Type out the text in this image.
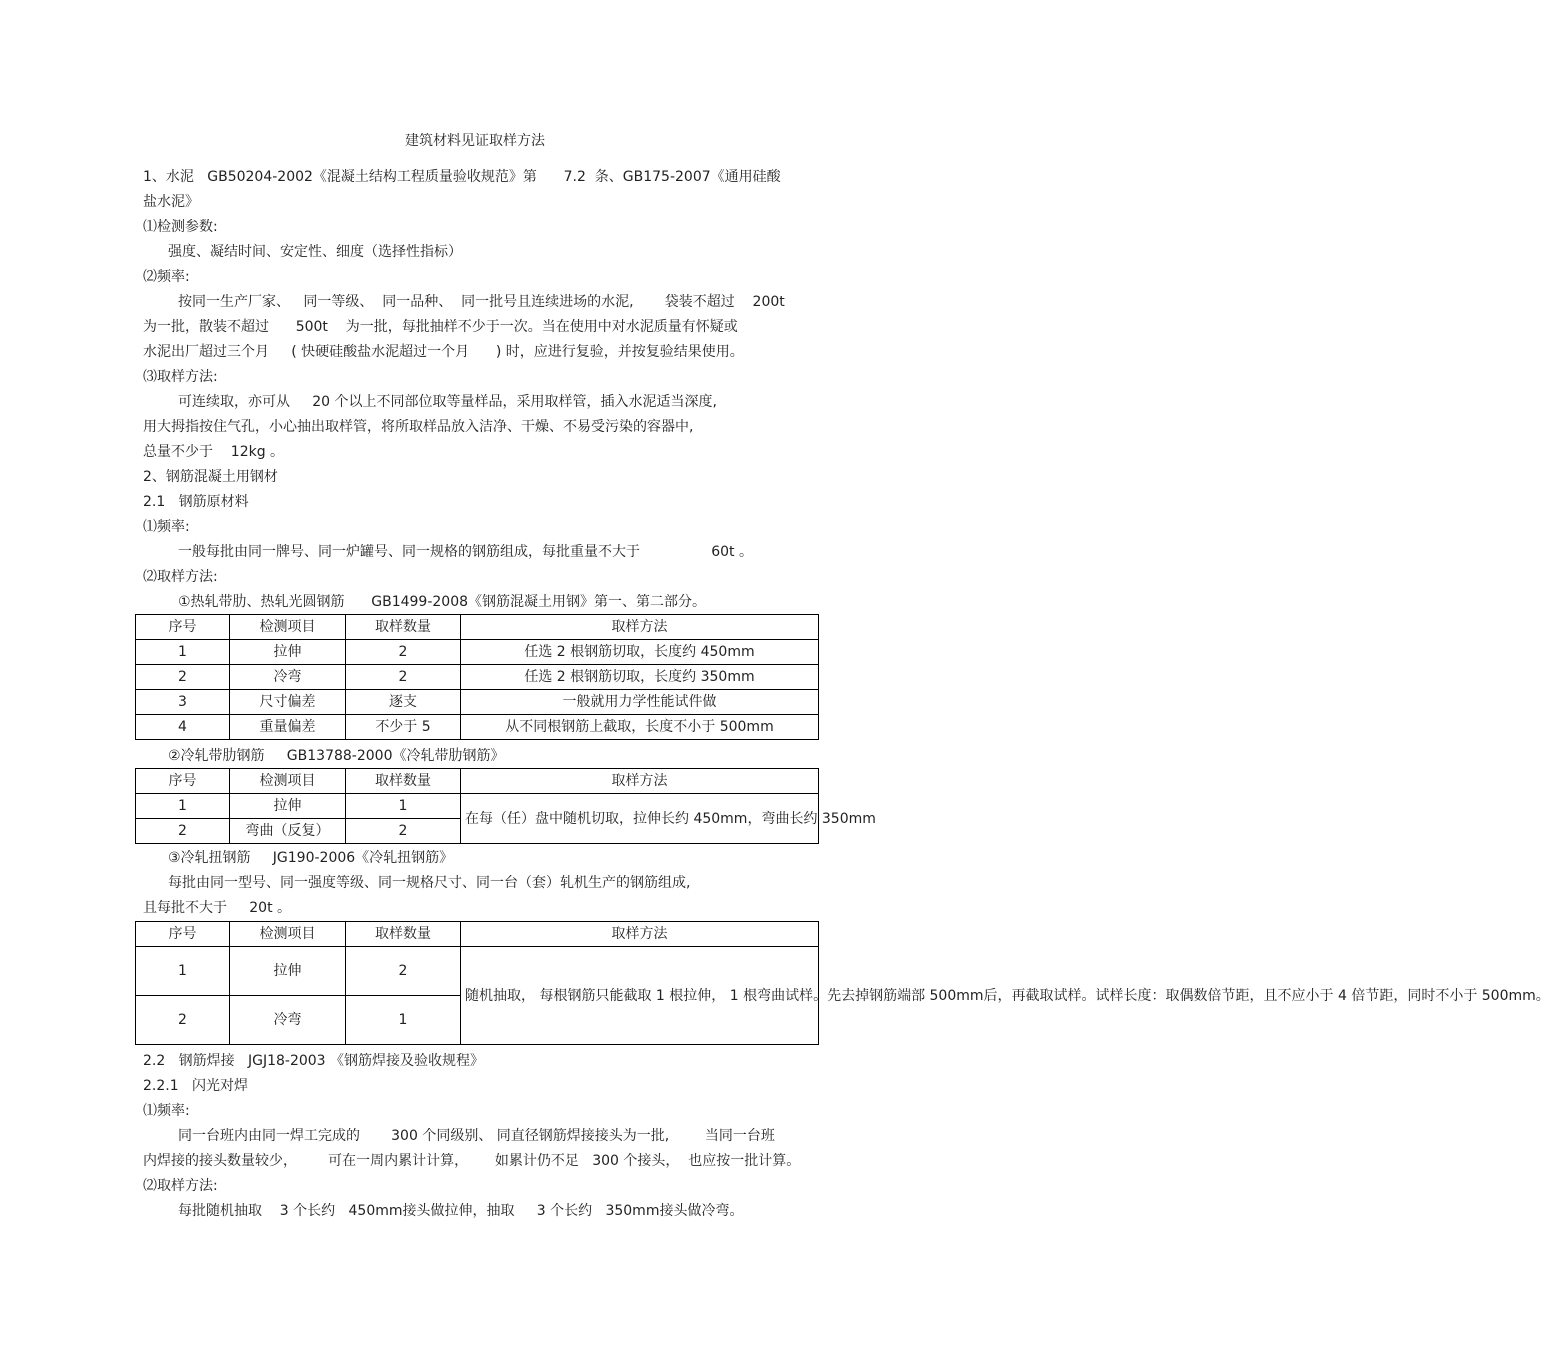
建筑材料见证取样方法
1、水泥   GB50204-2002《混凝土结构工程质量验收规范》第      7.2  条、GB175-2007《通用硅酸
盐水泥》
⑴检测参数:
强度、凝结时间、安定性、细度（选择性指标）
⑵频率:
按同一生产厂家、   同一等级、  同一品种、  同一批号且连续进场的水泥,       袋装不超过    200t
为一批，散装不超过      500t    为一批，每批抽样不少于一次。当在使用中对水泥质量有怀疑或
水泥出厂超过三个月     ( 快硬硅酸盐水泥超过一个月      ) 时，应进行复验，并按复验结果使用。
⑶取样方法:
可连续取，亦可从     20 个以上不同部位取等量样品，采用取样管，插入水泥适当深度,
用大拇指按住气孔，小心抽出取样管，将所取样品放入洁净、干燥、不易受污染的容器中,
总量不少于    12kg 。
2、钢筋混凝土用钢材
2.1   钢筋原材料
⑴频率:
一般每批由同一牌号、同一炉罐号、同一规格的钢筋组成，每批重量不大于                60t 。
⑵取样方法:
①热轧带肋、热轧光圆钢筋      GB1499-2008《钢筋混凝土用钢》第一、第二部分。
序号	检测项目	取样数量	取样方法
1	拉伸	2	任选 2 根钢筋切取，长度约 450mm
2	冷弯	2	任选 2 根钢筋切取，长度约 350mm
3	尺寸偏差	逐支	一般就用力学性能试件做
4	重量偏差	不少于 5	从不同根钢筋上截取，长度不小于 500mm
②冷轧带肋钢筋     GB13788-2000《冷轧带肋钢筋》
序号	检测项目	取样数量	取样方法
1	拉伸	1	在每（任）盘中随机切取，拉伸长约 450mm，弯曲长约 350mm
2	弯曲（反复）	2	
③冷轧扭钢筋     JG190-2006《冷轧扭钢筋》
每批由同一型号、同一强度等级、同一规格尺寸、同一台（套）轧机生产的钢筋组成,
且每批不大于     20t 。
序号	检测项目	取样数量	取样方法
1	拉伸	2	随机抽取， 每根钢筋只能截取 1 根拉伸， 1 根弯曲试样。先去掉钢筋端部 500mm后，再截取试样。试样长度：取偶数倍节距，且不应小于 4 倍节距，同时不小于 500mm。
2	冷弯	1	
2.2   钢筋焊接   JGJ18-2003 《钢筋焊接及验收规程》
2.2.1   闪光对焊
⑴频率:
同一台班内由同一焊工完成的       300 个同级别、 同直径钢筋焊接接头为一批,        当同一台班
内焊接的接头数量较少，       可在一周内累计计算，      如累计仍不足   300 个接头，  也应按一批计算。
⑵取样方法:
每批随机抽取    3 个长约   450mm接头做拉伸，抽取     3 个长约   350mm接头做冷弯。
